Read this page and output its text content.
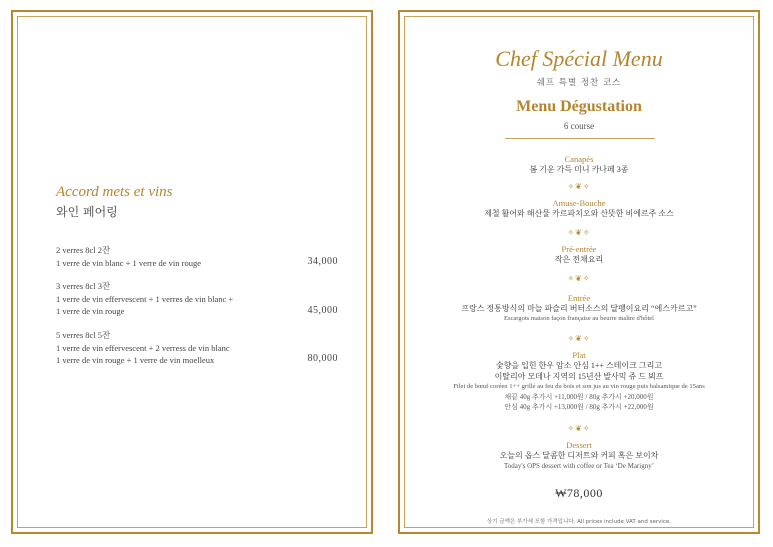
Accord mets et vins
와인 페어링
2 verres 8cl 2잔
1 verre de vin blanc + 1 verre de vin rouge	34,000
3 verres 8cl 3잔
1 verre de vin effervescent + 1 verres de vin blanc +
1 verre de vin rouge	45,000
5 verres 8cl 5잔
1 verre de vin effervescent + 2 verress de vin blanc
1 verre de vin rouge + 1 verre de vin moelleux	80,000
Chef Spécial Menu
쉐프 특별 정찬 코스
Menu Dégustation
6 course
Canapés
봄 기운 가득 미니 카나페 3종
✧❦✧
Amuse-Bouche
제철 활어와 해산물 카르파치오와 산뜻한 비에르주 소스
✧❦✧
Pré-entrée
작은 전채요리
✧❦✧
Entrée
프랑스 정통방식의 마늘 파슬리 버터소스의 달팽이요리 “에스카르고”
Escargots maison façon française au beurre maître d'hôtel
✧❦✧
Plat
숯향을 입힌 한우 암소 안심 1++ 스테이크 그리고
이탈리아 모데나 지역의 15년산 발사믹 쥬 드 뵈프
Filet de bœuf coréen 1++ grillé au feu du bois et son jus au vin rouge puis balsamique de 15ans
채끝 40g 추가시 +11,000원 / 80g 추가시 +20,000원
안심 40g 추가시 +13,000원 / 80g 추가시 +22,000원
✧❦✧
Dessert
오늘의 옵스 달콤한 디저트와 커피 혹은 보이차
Today's OPS dessert with coffee or Tea ‘De Marigny’
₩78,000
상기 금액은 부가세 포함 가격입니다. All prices include VAT and service.
